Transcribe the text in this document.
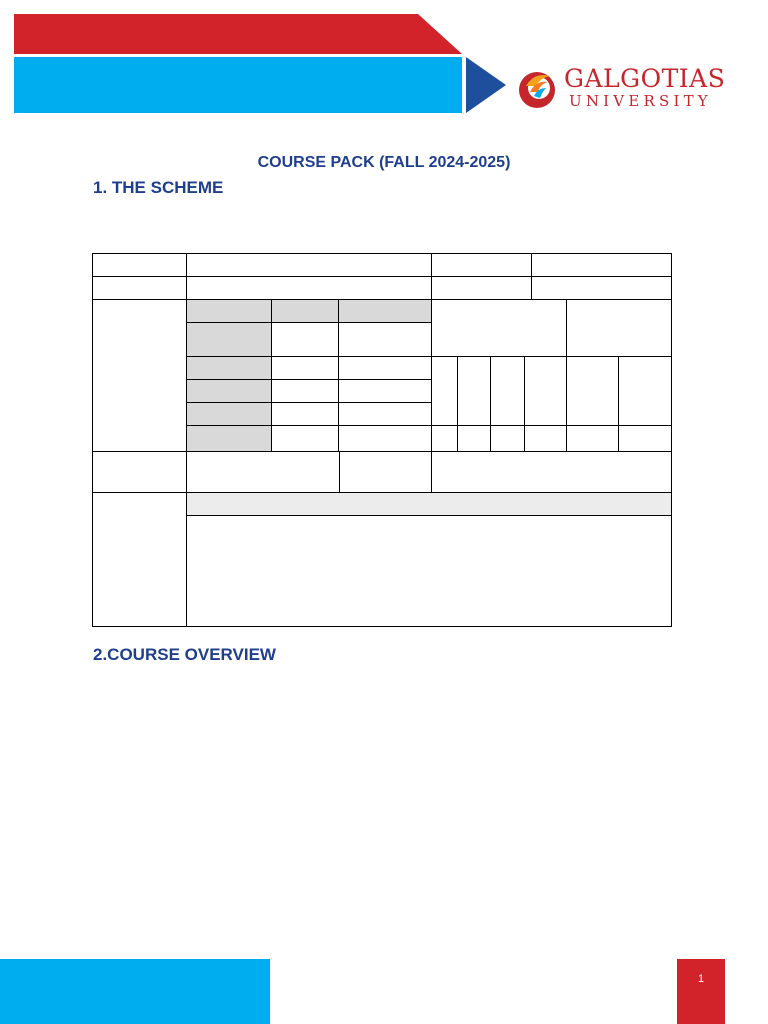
GALGOTIAS
UNIVERSITY
COURSE PACK (FALL 2024-2025)
1. THE SCHEME
2.COURSE OVERVIEW
1
